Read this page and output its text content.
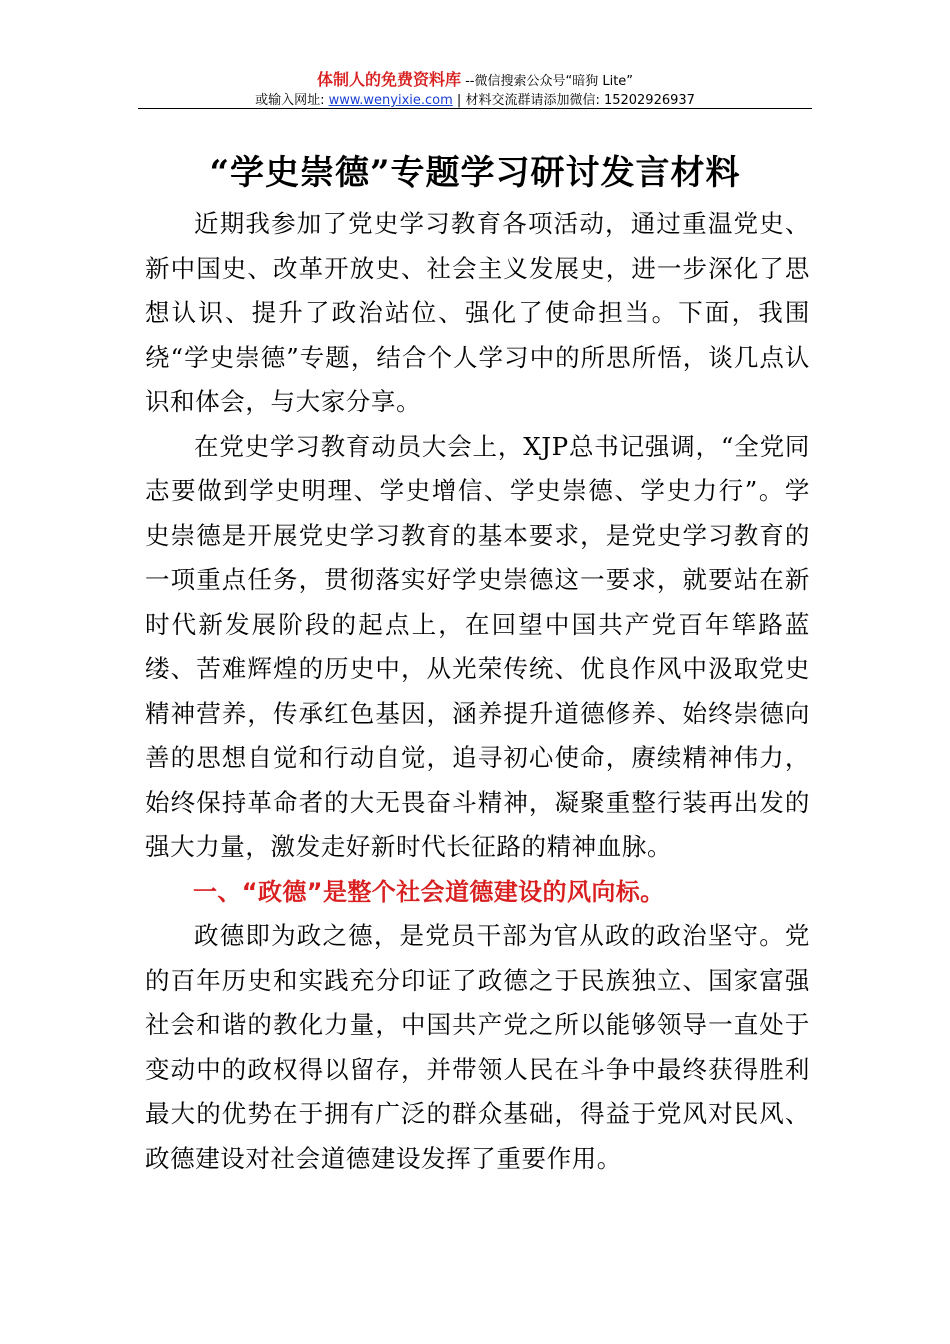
体制人的免费资料库 --微信搜索公众号“暗狗 Lite”
或输入网址: www.wenyixie.com | 材料交流群请添加微信: 15202926937
“学史崇德”专题学习研讨发言材料

近期我参加了党史学习教育各项活动，通过重温党史、新中国史、改革开放史、社会主义发展史，进一步深化了思想认识、提升了政治站位、强化了使命担当。下面，我围绕“学史崇德”专题，结合个人学习中的所思所悟，谈几点认识和体会，与大家分享。

在党史学习教育动员大会上，XJP总书记强调，“全党同志要做到学史明理、学史增信、学史崇德、学史力行”。学史崇德是开展党史学习教育的基本要求，是党史学习教育的一项重点任务，贯彻落实好学史崇德这一要求，就要站在新时代新发展阶段的起点上，在回望中国共产党百年筚路蓝缕、苦难辉煌的历史中，从光荣传统、优良作风中汲取党史精神营养，传承红色基因，涵养提升道德修养、始终崇德向善的思想自觉和行动自觉，追寻初心使命，赓续精神伟力，始终保持革命者的大无畏奋斗精神，凝聚重整行装再出发的强大力量，激发走好新时代长征路的精神血脉。

一、“政德”是整个社会道德建设的风向标。

政德即为政之德，是党员干部为官从政的政治坚守。党的百年历史和实践充分印证了政德之于民族独立、国家富强社会和谐的教化力量，中国共产党之所以能够领导一直处于变动中的政权得以留存，并带领人民在斗争中最终获得胜利最大的优势在于拥有广泛的群众基础，得益于党风对民风、政德建设对社会道德建设发挥了重要作用。
